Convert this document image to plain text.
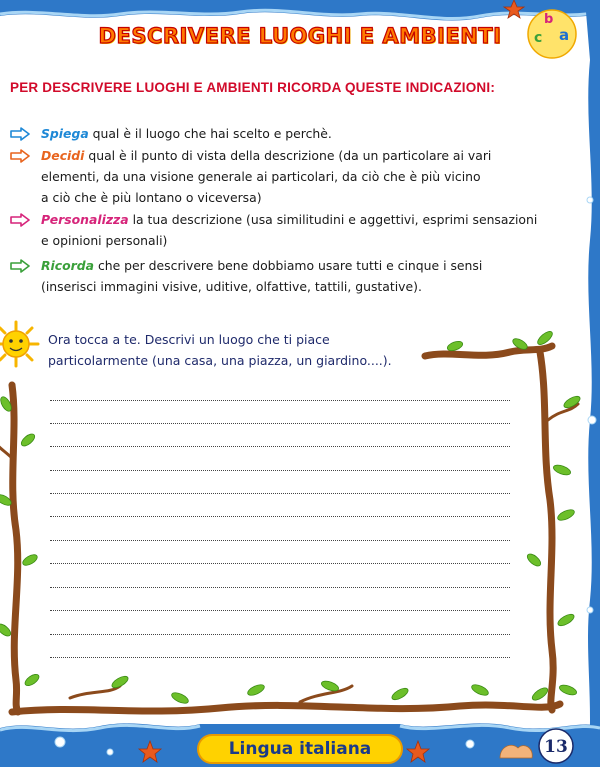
a
b
c
DESCRIVERE LUOGHI E AMBIENTI
PER DESCRIVERE LUOGHI E AMBIENTI RICORDA QUESTE INDICAZIONI:
Spiega qual è il luogo che hai scelto e perchè.
Decidi qual è il punto di vista della descrizione (da un particolare ai vari
elementi, da una visione generale ai particolari, da ciò che è più vicino
a ciò che è più lontano o viceversa)
Personalizza la tua descrizione (usa similitudini e aggettivi, esprimi sensazioni
e opinioni personali)
Ricorda che per descrivere bene dobbiamo usare tutti e cinque i sensi
(inserisci immagini visive, uditive, olfattive, tattili, gustative).
Ora tocca a te. Descrivi un luogo che ti piace
particolarmente (una casa, una piazza, un giardino....).
Lingua italiana	13
